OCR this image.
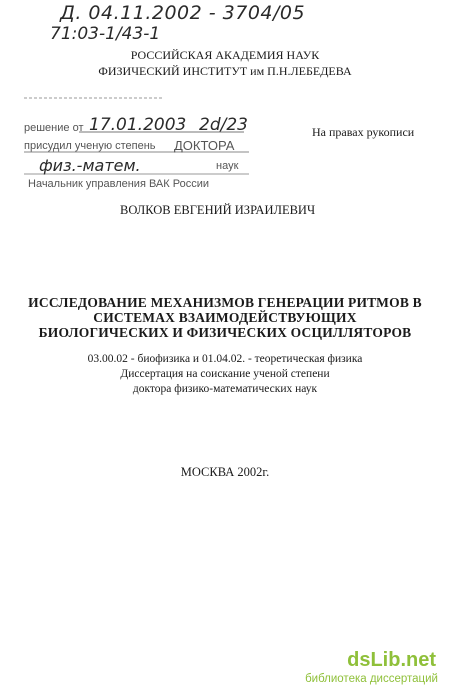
Д. 04.11.2002 - 3704/05
71:03-1/43-1
РОССИЙСКАЯ АКАДЕМИЯ НАУК
ФИЗИЧЕСКИЙ ИНСТИТУТ им П.Н.ЛЕБЕДЕВА
решение от 17.01.2003 2d/23
присудил ученую степень ДОКТОРА
физ.-матем.	наук
Начальник управления ВАК России
На правах рукописи
ВОЛКОВ ЕВГЕНИЙ ИЗРАИЛЕВИЧ
ИССЛЕДОВАНИЕ МЕХАНИЗМОВ ГЕНЕРАЦИИ РИТМОВ В
СИСТЕМАХ ВЗАИМОДЕЙСТВУЮЩИХ
БИОЛОГИЧЕСКИХ И ФИЗИЧЕСКИХ ОСЦИЛЛЯТОРОВ
03.00.02 - биофизика и 01.04.02. - теоретическая физика
Диссертация на соискание ученой степени
доктора физико-математических наук
МОСКВА 2002г.
dsLib.net
библиотека диссертаций
